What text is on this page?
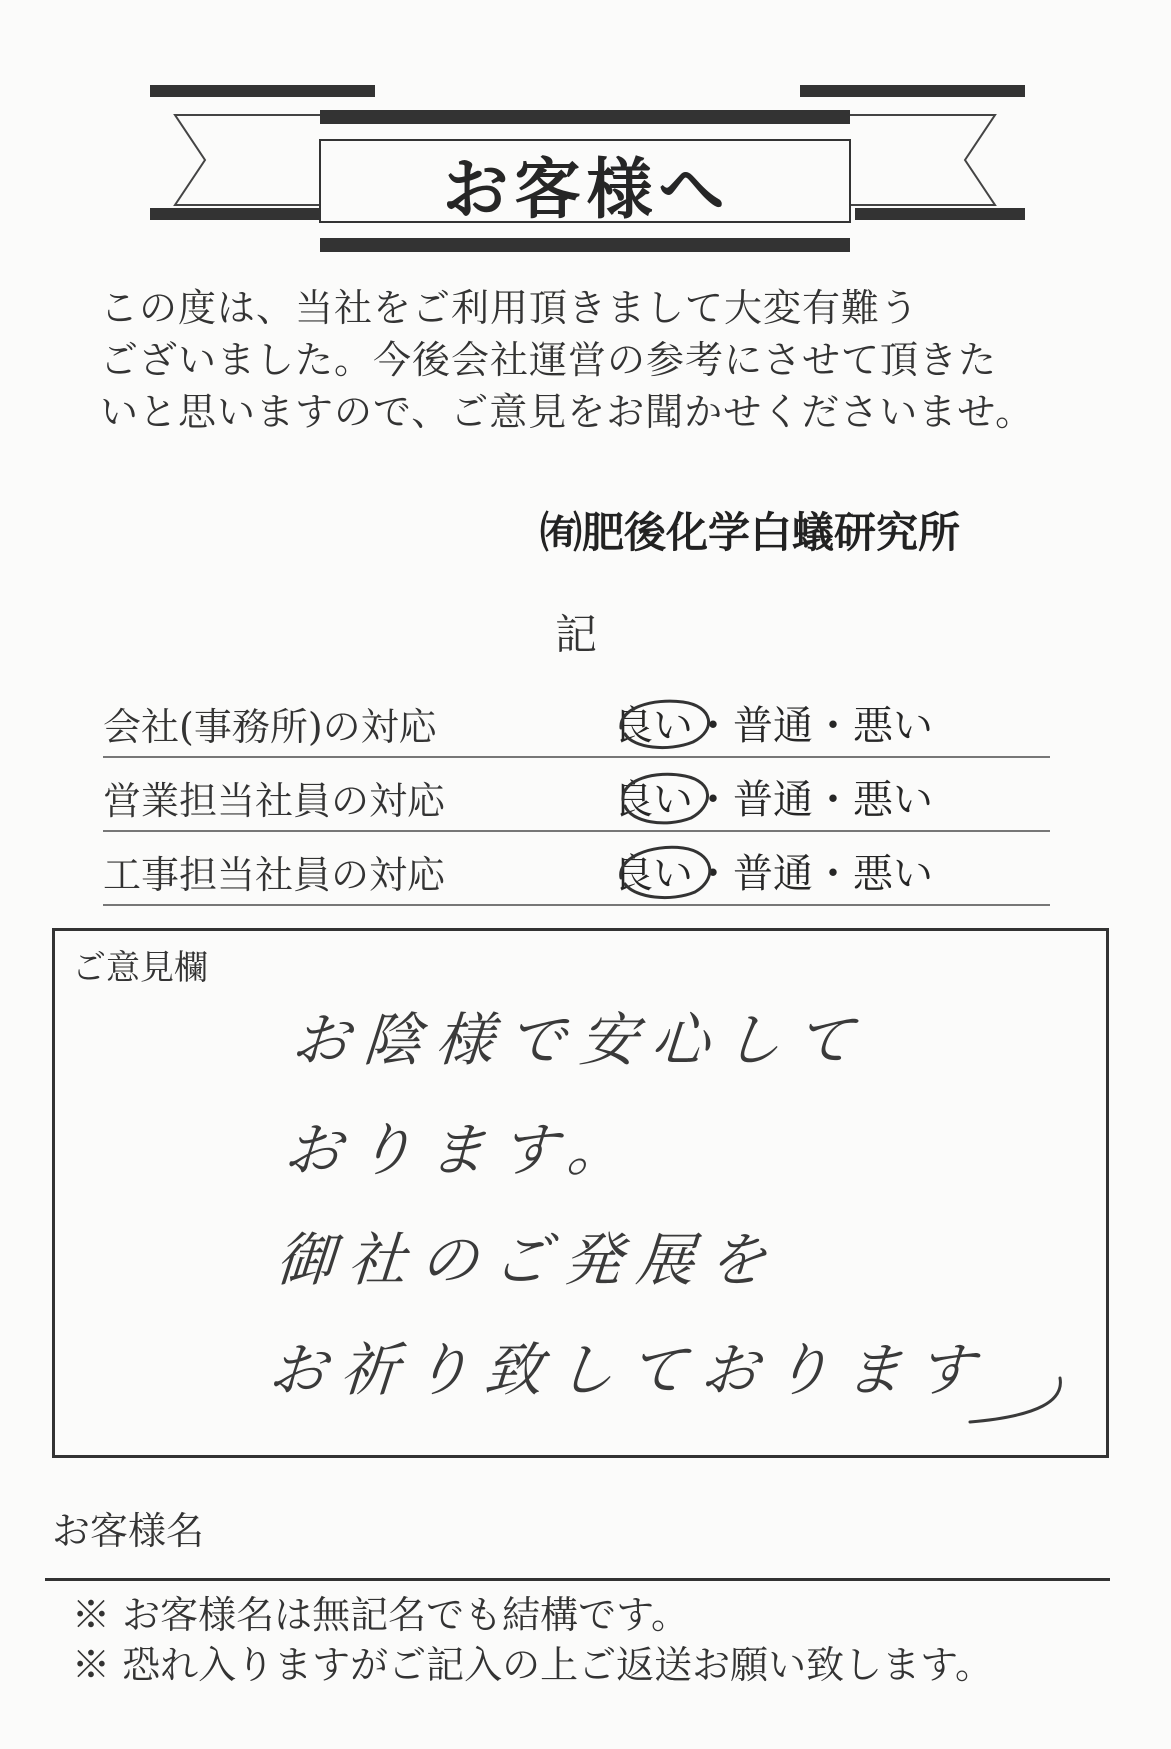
お客様へ
この度は、当社をご利用頂きまして大変有難う
ございました。今後会社運営の参考にさせて頂きた
いと思いますので、ご意見をお聞かせくださいませ。
㈲肥後化学白蟻研究所
記
会社(事務所)の対応	良い・普通・悪い
営業担当社員の対応	良い・普通・悪い
工事担当社員の対応	良い・普通・悪い
ご意見欄
お陰様で安心して
おります。
御社のご発展を
お祈り致しております
お客様名
※ お客様名は無記名でも結構です。
※ 恐れ入りますがご記入の上ご返送お願い致します。
